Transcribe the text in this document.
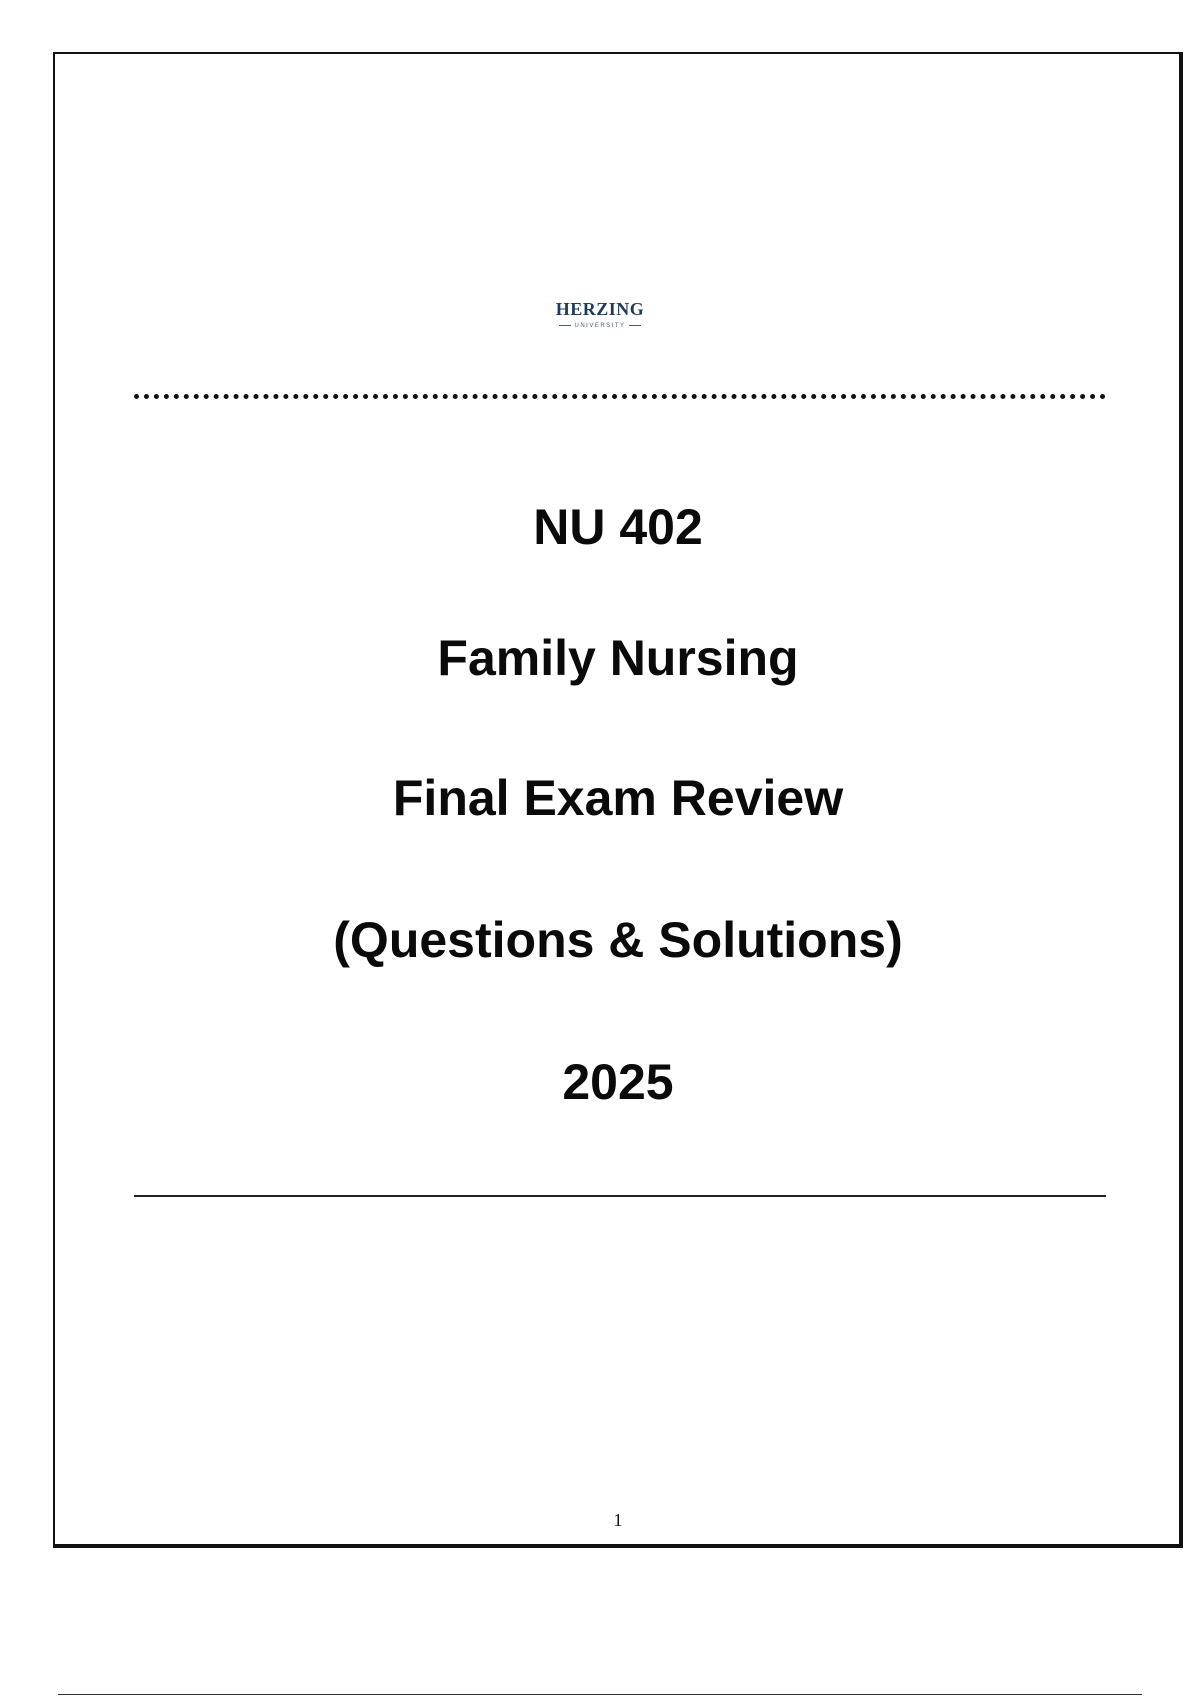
HERZING
UNIVERSITY
NU 402
Family Nursing
Final Exam Review
(Questions & Solutions)
2025
1
